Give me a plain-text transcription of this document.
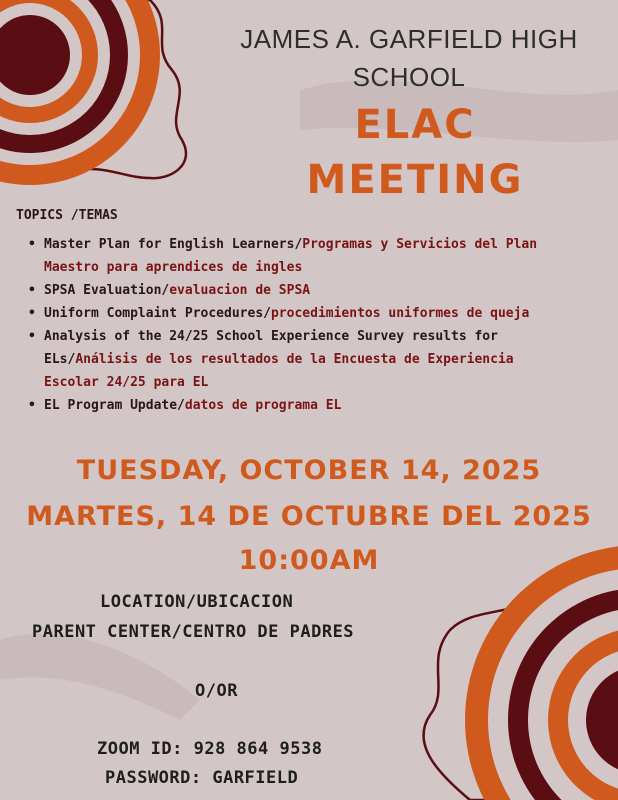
JAMES A. GARFIELD HIGH

SCHOOL

ELAC

MEETING

TOPICS /TEMAS
• Master Plan for English Learners/Programas y Servicios del Plan Maestro para aprendices de ingles
• SPSA Evaluation/evaluacion de SPSA
• Uniform Complaint Procedures/procedimientos uniformes de queja
• Analysis of the 24/25 School Experience Survey results for ELs/Análisis de los resultados de la Encuesta de Experiencia Escolar 24/25 para EL
• EL Program Update/datos de programa EL

TUESDAY, OCTOBER 14, 2025

MARTES, 14 DE OCTUBRE DEL 2025

10:00AM

LOCATION/UBICACION

PARENT CENTER/CENTRO DE PADRES

O/OR

ZOOM ID: 928 864 9538

PASSWORD: GARFIELD
